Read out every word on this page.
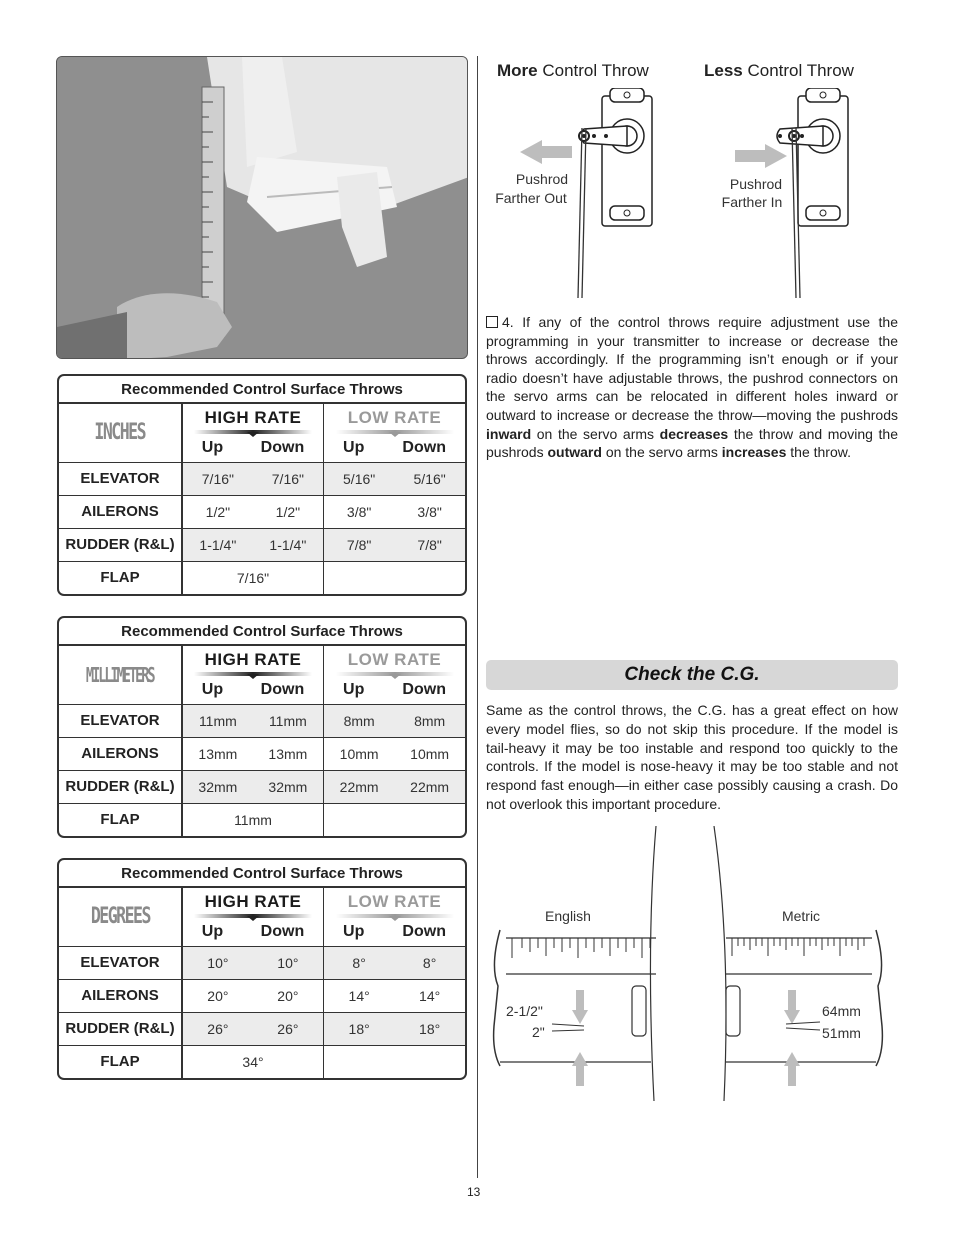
Recommended Control Surface Throws
INCHES	HIGH RATE
Up Down		LOW RATE
Up Down	

ELEVATOR	7/16"	7/16"	5/16"	5/16"
AILERONS	1/2"	1/2"	3/8"	3/8"
RUDDER (R&L)	1-1/4"	1-1/4"	7/8"	7/8"
FLAP	7/16"			
Recommended Control Surface Throws
MILLIMETERS	HIGH RATE
Up Down		LOW RATE
Up Down	

ELEVATOR	11mm	11mm	8mm	8mm
AILERONS	13mm	13mm	10mm	10mm
RUDDER (R&L)	32mm	32mm	22mm	22mm
FLAP	11mm			
Recommended Control Surface Throws
DEGREES	HIGH RATE
Up Down		LOW RATE
Up Down	

ELEVATOR	10°	10°	8°	8°
AILERONS	20°	20°	14°	14°
RUDDER (R&L)	26°	26°	18°	18°
FLAP	34°			
More Control Throw	Less Control Throw
Pushrod
Farther Out
Pushrod
Farther In
4. If any of the control throws require adjustment use the programming in your transmitter to increase or decrease the throws accordingly. If the programming isn’t enough or if your radio doesn’t have adjustable throws, the pushrod connectors on the servo arms can be relocated in different holes inward or outward to increase or decrease the throw—moving the pushrods inward on the servo arms decreases the throw and moving the pushrods outward on the servo arms increases the throw.
Check the C.G.
Same as the control throws, the C.G. has a great effect on how every model flies, so do not skip this procedure. If the model is tail-heavy it may be too instable and respond too quickly to the controls. If the model is nose-heavy it may be too stable and not respond fast enough—in either case possibly causing a crash. Do not overlook this important procedure.
English	Metric
2-1/2"
2"
64mm
51mm
13
